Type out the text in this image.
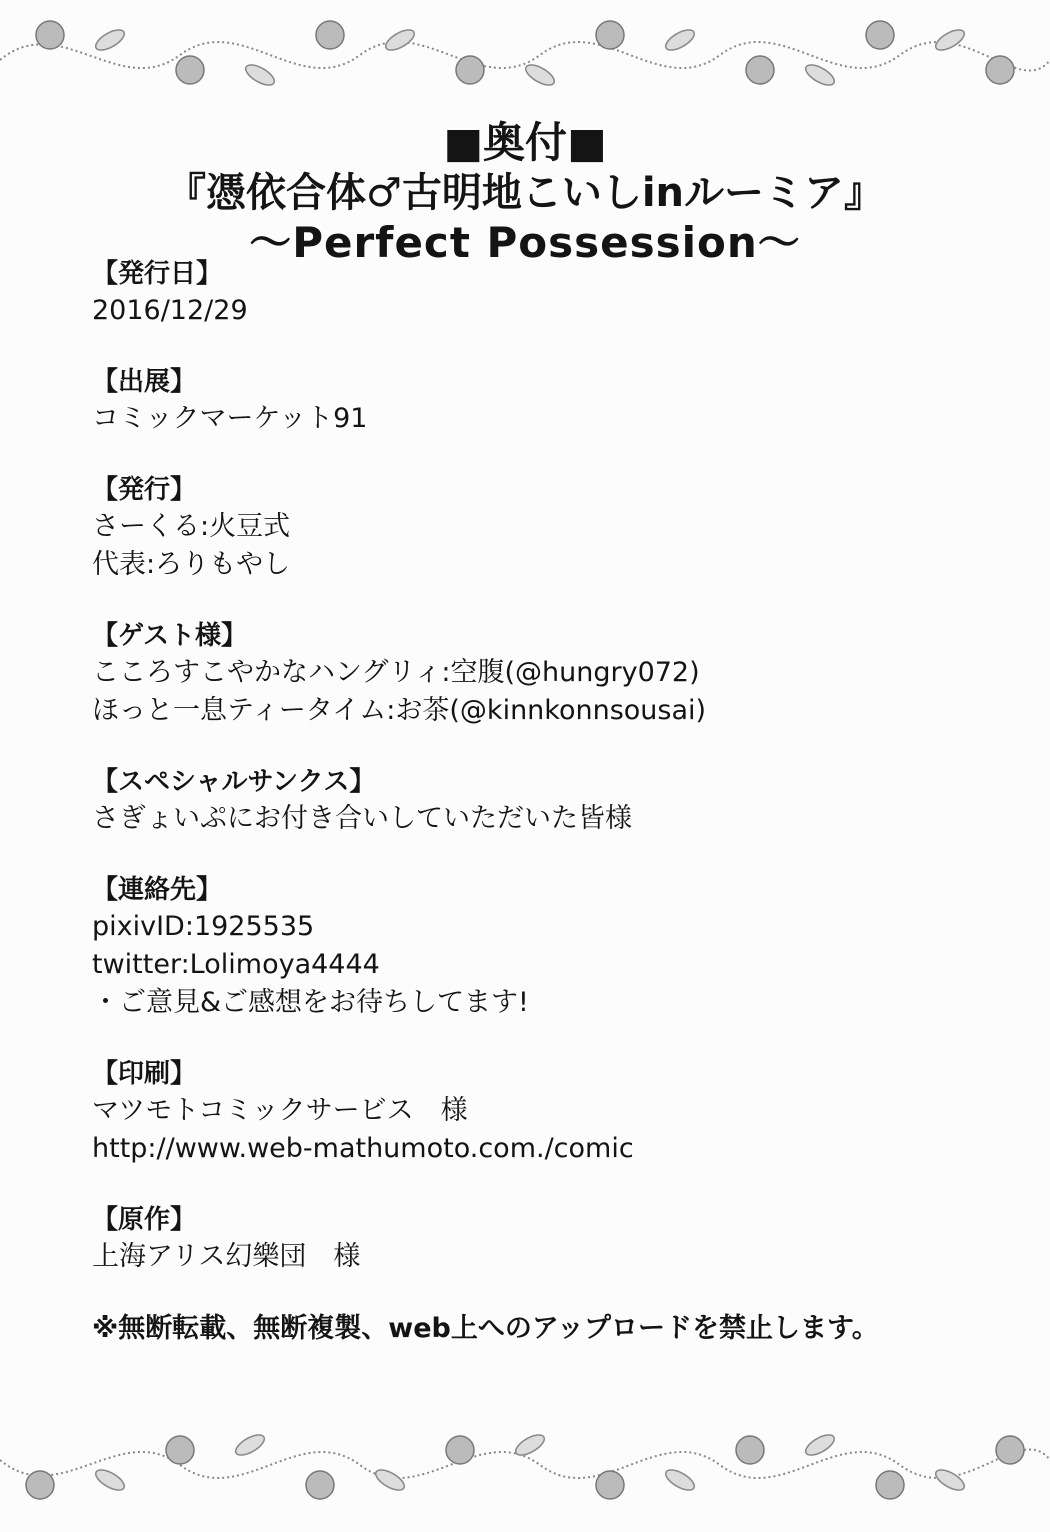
■奥付■
『憑依合体♂古明地こいしinルーミア』
〜Perfect Possession〜
【発行日】
2016/12/29
【出展】
コミックマーケット91
【発行】
さーくる:火豆式
代表:ろりもやし
【ゲスト様】
こころすこやかなハングリィ:空腹(@hungry072)
ほっと一息ティータイム:お茶(@kinnkonnsousai)
【スペシャルサンクス】
さぎょいぷにお付き合いしていただいた皆様
【連絡先】
pixivID:1925535
twitter:Lolimoya4444
・ご意見&ご感想をお待ちしてます!
【印刷】
マツモトコミックサービス　様
http://www.web-mathumoto.com./comic
【原作】
上海アリス幻樂団　様
※無断転載、無断複製、web上へのアップロードを禁止します。
